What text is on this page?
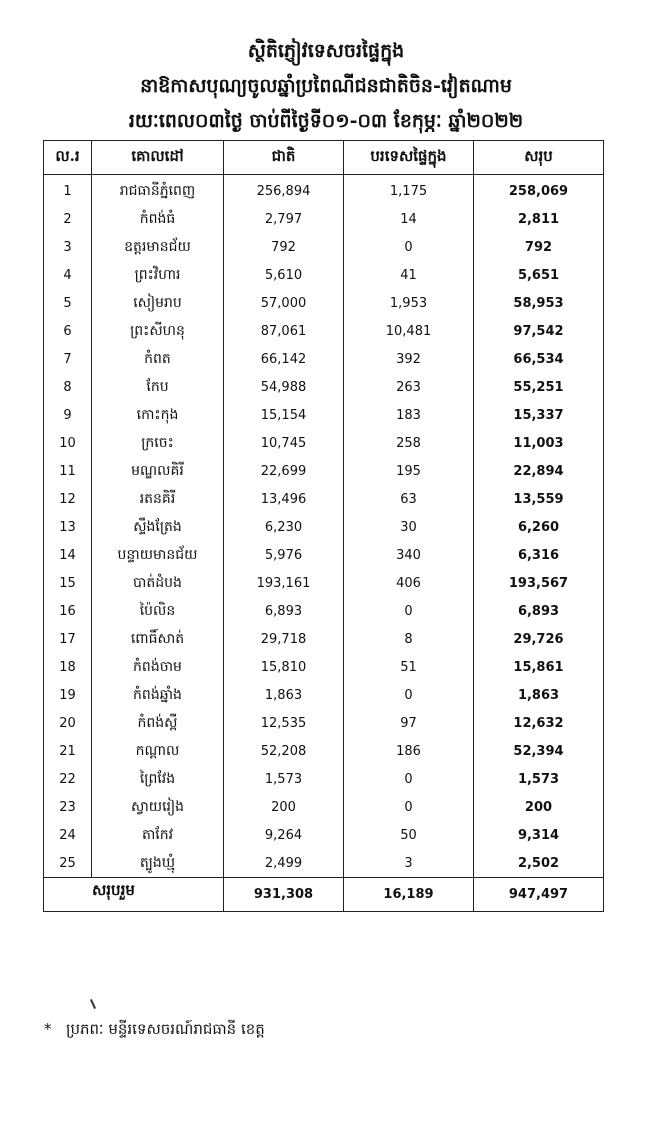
ស្ថិតិភ្ញៀវទេសចរផ្ទៃក្នុង
នាឱកាសបុណ្យចូលឆ្នាំប្រពៃណីជនជាតិចិន-វៀតណាម
រយៈពេល០៣ថ្ងៃ ចាប់ពីថ្ងៃទី០១-០៣ ខែកុម្ភៈ ឆ្នាំ២០២២
ល.រ	គោលដៅ	ជាតិ	បរទេសផ្ទៃក្នុង	សរុប
1	រាជធានីភ្នំពេញ	256,894	1,175	258,069
2	កំពង់ធំ	2,797	14	2,811
3	ឧត្តរមានជ័យ	792	0	792
4	ព្រះវិហារ	5,610	41	5,651
5	សៀមរាប	57,000	1,953	58,953
6	ព្រះសីហនុ	87,061	10,481	97,542
7	កំពត	66,142	392	66,534
8	កែប	54,988	263	55,251
9	កោះកុង	15,154	183	15,337
10	ក្រចេះ	10,745	258	11,003
11	មណ្ឌលគិរី	22,699	195	22,894
12	រតនគិរី	13,496	63	13,559
13	ស្ទឹងត្រែង	6,230	30	6,260
14	បន្ទាយមានជ័យ	5,976	340	6,316
15	បាត់ដំបង	193,161	406	193,567
16	ប៉ៃលិន	6,893	0	6,893
17	ពោធិ៍សាត់	29,718	8	29,726
18	កំពង់ចាម	15,810	51	15,861
19	កំពង់ឆ្នាំង	1,863	0	1,863
20	កំពង់ស្ពឺ	12,535	97	12,632
21	កណ្តាល	52,208	186	52,394
22	ព្រៃវែង	1,573	0	1,573
23	ស្វាយរៀង	200	0	200
24	តាកែវ	9,264	50	9,314
25	ត្បូងឃ្មុំ	2,499	3	2,502
សរុបរួម		931,308	16,189	947,497
* ប្រភពៈ មន្ទីរទេសចរណ៍រាជធានី ខេត្ត
